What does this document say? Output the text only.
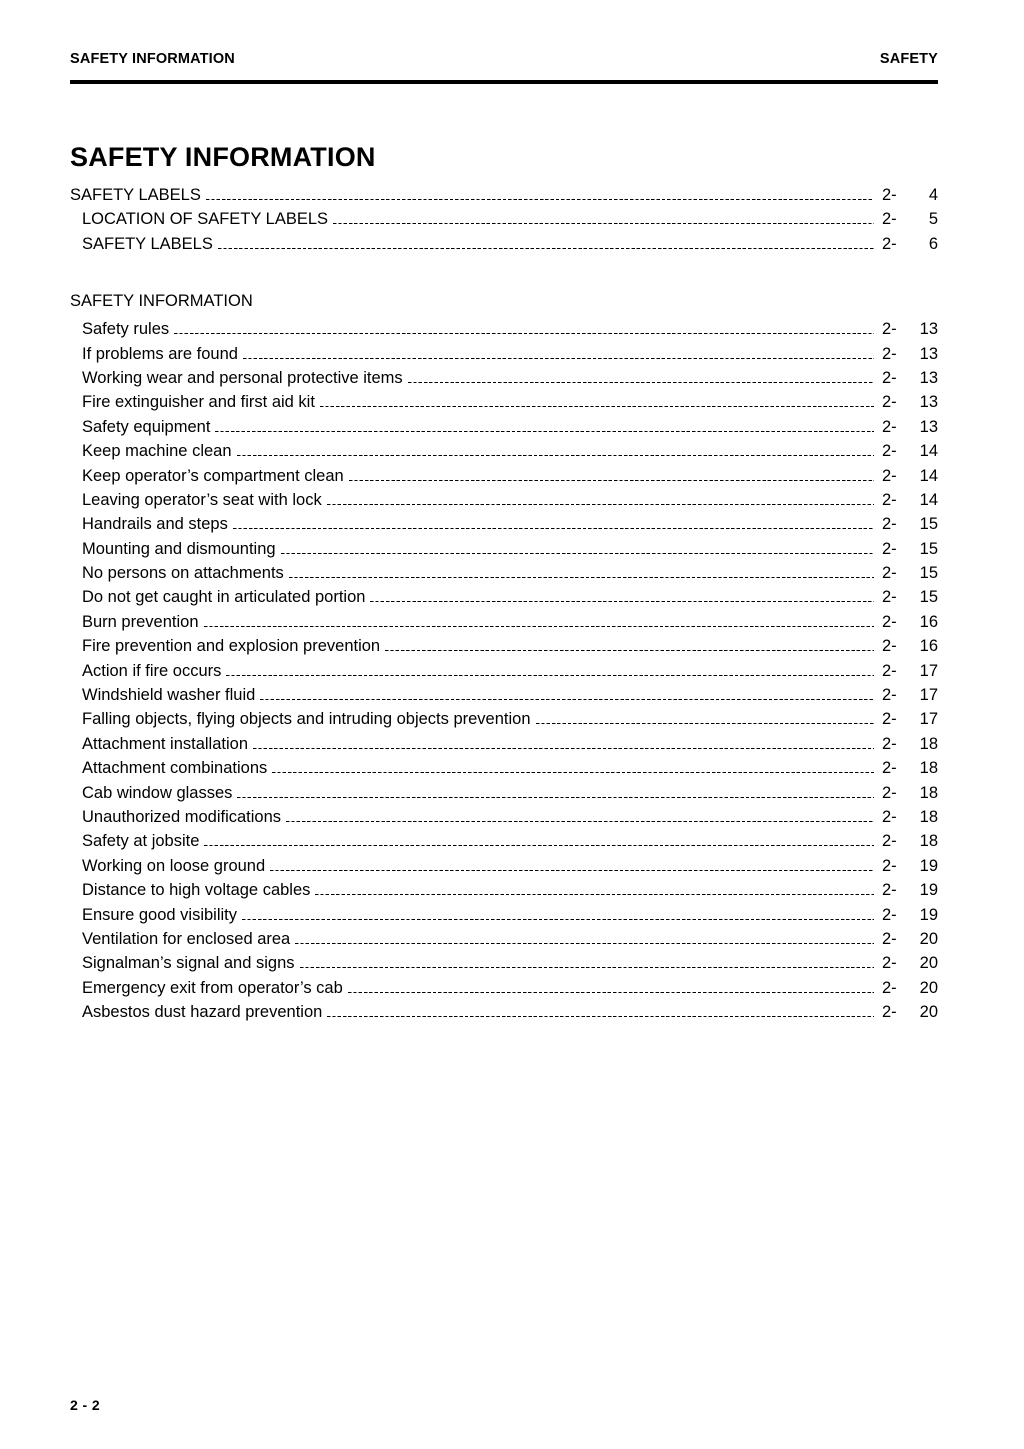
SAFETY INFORMATION	SAFETY
SAFETY INFORMATION
SAFETY LABELS	2-	4
LOCATION OF SAFETY LABELS	2-	5
SAFETY LABELS	2-	6
SAFETY INFORMATION
Safety rules	2-	13
If problems are found	2-	13
Working wear and personal protective items	2-	13
Fire extinguisher and first aid kit	2-	13
Safety equipment	2-	13
Keep machine clean	2-	14
Keep operator’s compartment clean	2-	14
Leaving operator’s seat with lock	2-	14
Handrails and steps	2-	15
Mounting and dismounting	2-	15
No persons on attachments	2-	15
Do not get caught in articulated portion	2-	15
Burn prevention	2-	16
Fire prevention and explosion prevention	2-	16
Action if fire occurs	2-	17
Windshield washer fluid	2-	17
Falling objects, flying objects and intruding objects prevention	2-	17
Attachment installation	2-	18
Attachment combinations	2-	18
Cab window glasses	2-	18
Unauthorized modifications	2-	18
Safety at jobsite	2-	18
Working on loose ground	2-	19
Distance to high voltage cables	2-	19
Ensure good visibility	2-	19
Ventilation for enclosed area	2-	20
Signalman’s signal and signs	2-	20
Emergency exit from operator’s cab	2-	20
Asbestos dust hazard prevention	2-	20
2 - 2
